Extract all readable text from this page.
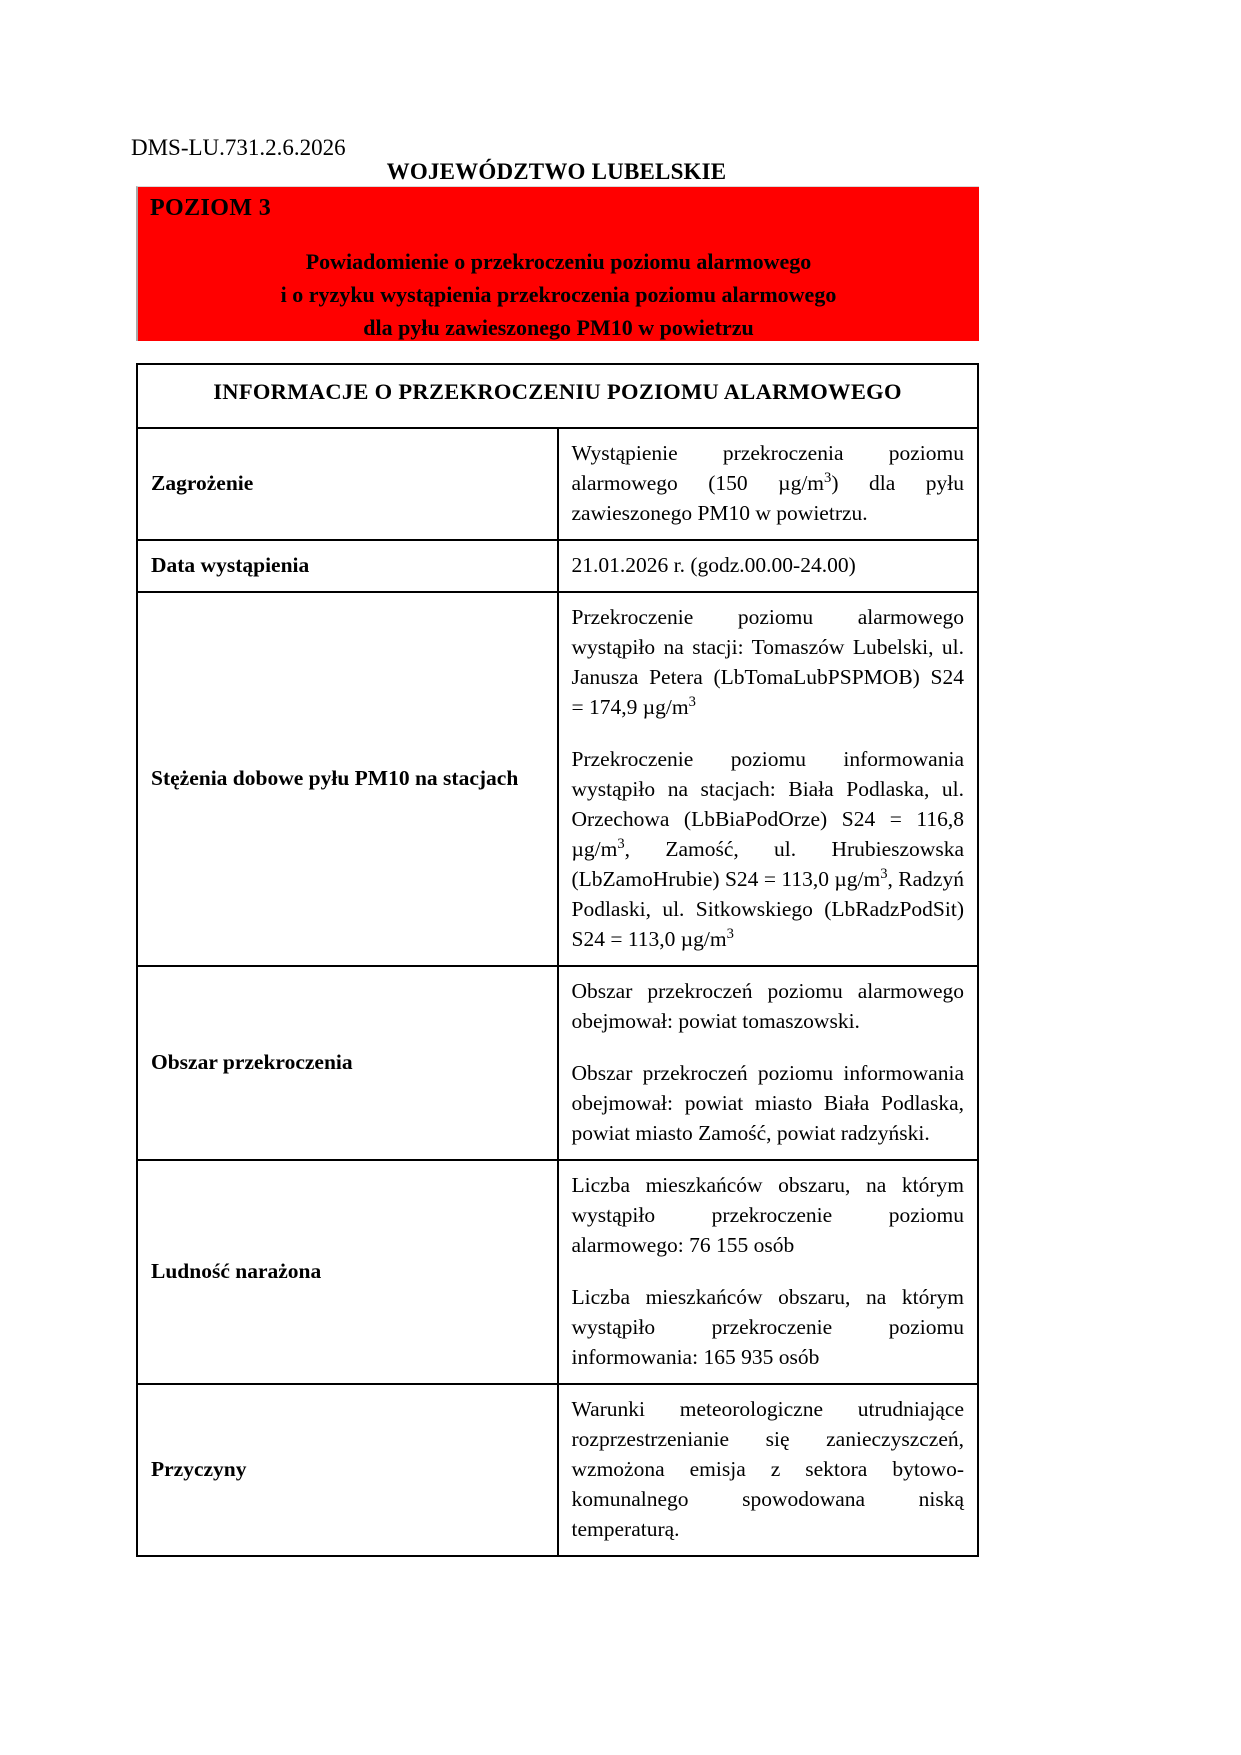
DMS-LU.731.2.6.2026
WOJEWÓDZTWO LUBELSKIE
POZIOM 3
Powiadomienie o przekroczeniu poziomu alarmowego
i o ryzyku wystąpienia przekroczenia poziomu alarmowego
dla pyłu zawieszonego PM10 w powietrzu
INFORMACJE O PRZEKROCZENIU POZIOMU ALARMOWEGO	
Zagrożenie	Wystąpienie przekroczenia poziomu alarmowego (150 $\mu g/m^3$) dla pyłu zawieszonego PM10 w powietrzu.

Data wystąpienia	21.01.2026 r. (godz.00.00-24.00)

Stężenia dobowe pyłu PM10 na stacjach	Przekroczenie poziomu alarmowego wystąpiło na stacji: Tomaszów Lubelski, ul. Janusza Petera (LbTomaLubPSPMOB) S24 = 174,9 $\mu g/m^3$

Przekroczenie poziomu informowania wystąpiło na stacjach: Biała Podlaska, ul. Orzechowa (LbBiaPodOrze) S24 = 116,8 $\mu g/m^3$, Zamość, ul. Hrubieszowska (LbZamoHrubie) S24 = 113,0 $\mu g/m^3$, Radzyń Podlaski, ul. Sitkowskiego (LbRadzPodSit) S24 = 113,0 $\mu g/m^3$

Obszar przekroczenia	Obszar przekroczeń poziomu alarmowego obejmował: powiat tomaszowski.

Obszar przekroczeń poziomu informowania obejmował: powiat miasto Biała Podlaska, powiat miasto Zamość, powiat radzyński.

Ludność narażona	Liczba mieszkańców obszaru, na którym wystąpiło przekroczenie poziomu alarmowego: 76 155 osób

Liczba mieszkańców obszaru, na którym wystąpiło przekroczenie poziomu informowania: 165 935 osób

Przyczyny	Warunki meteorologiczne utrudniające rozprzestrzenianie się zanieczyszczeń, wzmożona emisja z sektora bytowo-komunalnego spowodowana niską temperaturą.
